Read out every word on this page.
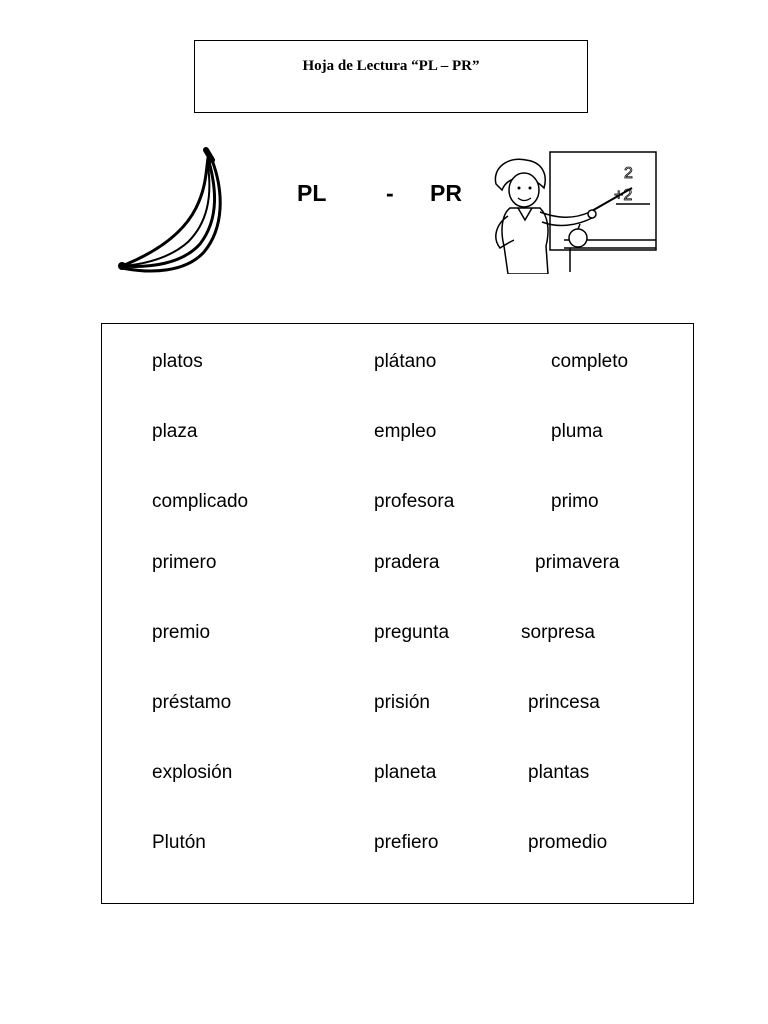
Hoja de Lectura “PL – PR”
PL	- PR
2
+2
platos	plátano	completo
plaza	empleo	pluma
complicado	profesora	primo
primero	pradera	primavera
premio	pregunta	sorpresa
préstamo	prisión	princesa
explosión	planeta	plantas
Plutón	prefiero	promedio
